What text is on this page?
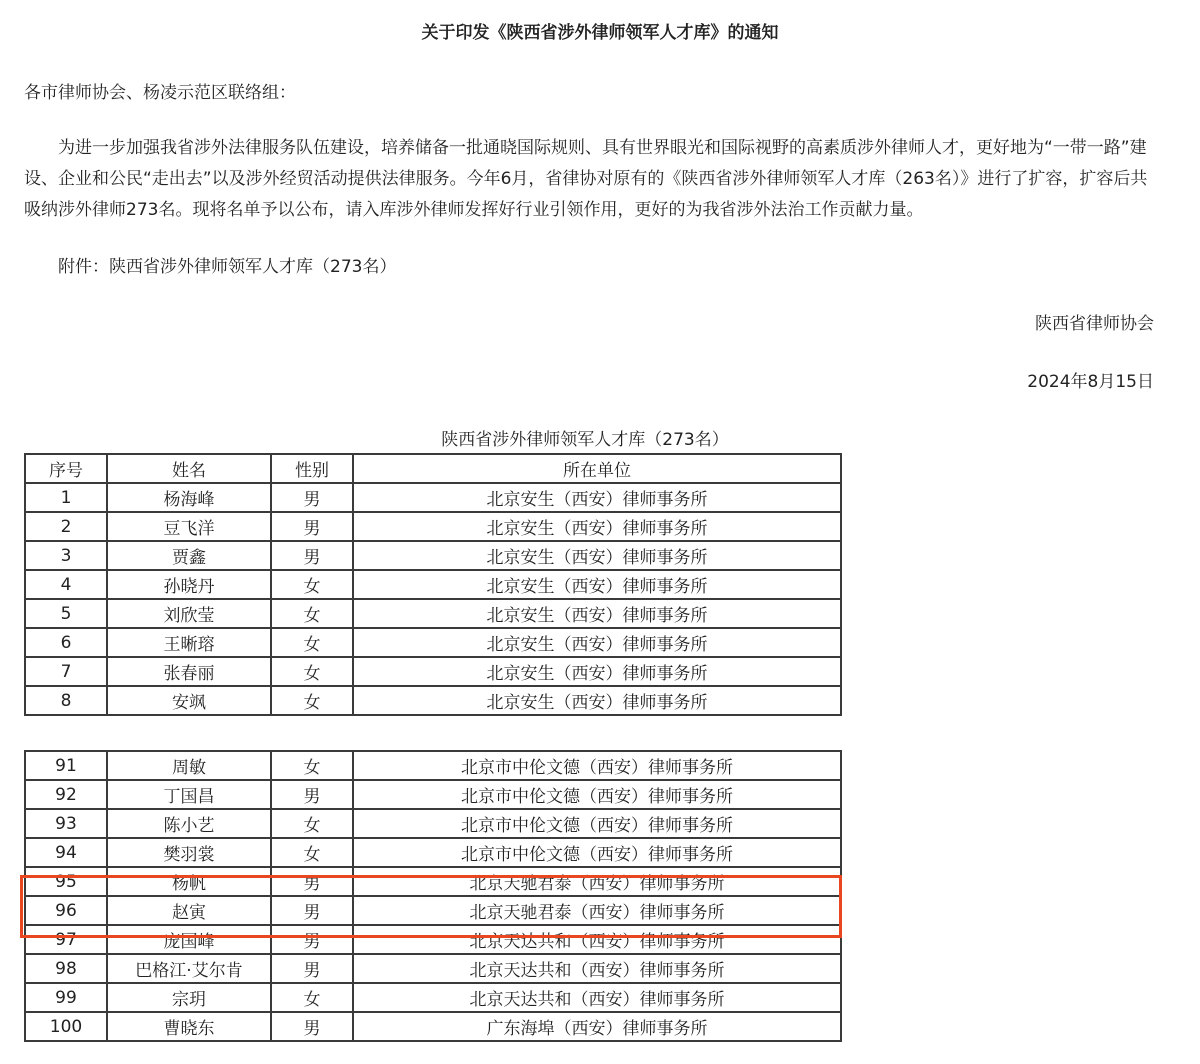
关于印发《陕西省涉外律师领军人才库》的通知
各市律师协会、杨凌示范区联络组：
为进一步加强我省涉外法律服务队伍建设，培养储备一批通晓国际规则、具有世界眼光和国际视野的高素质涉外律师人才，更好地为“一带一路”建设、企业和公民“走出去”以及涉外经贸活动提供法律服务。今年6月，省律协对原有的《陕西省涉外律师领军人才库（263名）》进行了扩容，扩容后共吸纳涉外律师273名。现将名单予以公布，请入库涉外律师发挥好行业引领作用，更好的为我省涉外法治工作贡献力量。
附件：陕西省涉外律师领军人才库（273名）
陕西省律师协会
2024年8月15日
陕西省涉外律师领军人才库（273名）
序号	姓名	性别	所在单位
1	杨海峰	男	北京安生（西安）律师事务所
2	豆飞洋	男	北京安生（西安）律师事务所
3	贾鑫	男	北京安生（西安）律师事务所
4	孙晓丹	女	北京安生（西安）律师事务所
5	刘欣莹	女	北京安生（西安）律师事务所
6	王晰瑢	女	北京安生（西安）律师事务所
7	张春丽	女	北京安生（西安）律师事务所
8	安飒	女	北京安生（西安）律师事务所
91	周敏	女	北京市中伦文德（西安）律师事务所
92	丁国昌	男	北京市中伦文德（西安）律师事务所
93	陈小艺	女	北京市中伦文德（西安）律师事务所
94	樊羽裳	女	北京市中伦文德（西安）律师事务所
95	杨帆	男	北京天驰君泰（西安）律师事务所
96	赵寅	男	北京天驰君泰（西安）律师事务所
97	庞国峰	男	北京天达共和（西安）律师事务所
98	巴格江·艾尔肯	男	北京天达共和（西安）律师事务所
99	宗玥	女	北京天达共和（西安）律师事务所
100	曹晓东	男	广东海埠（西安）律师事务所
